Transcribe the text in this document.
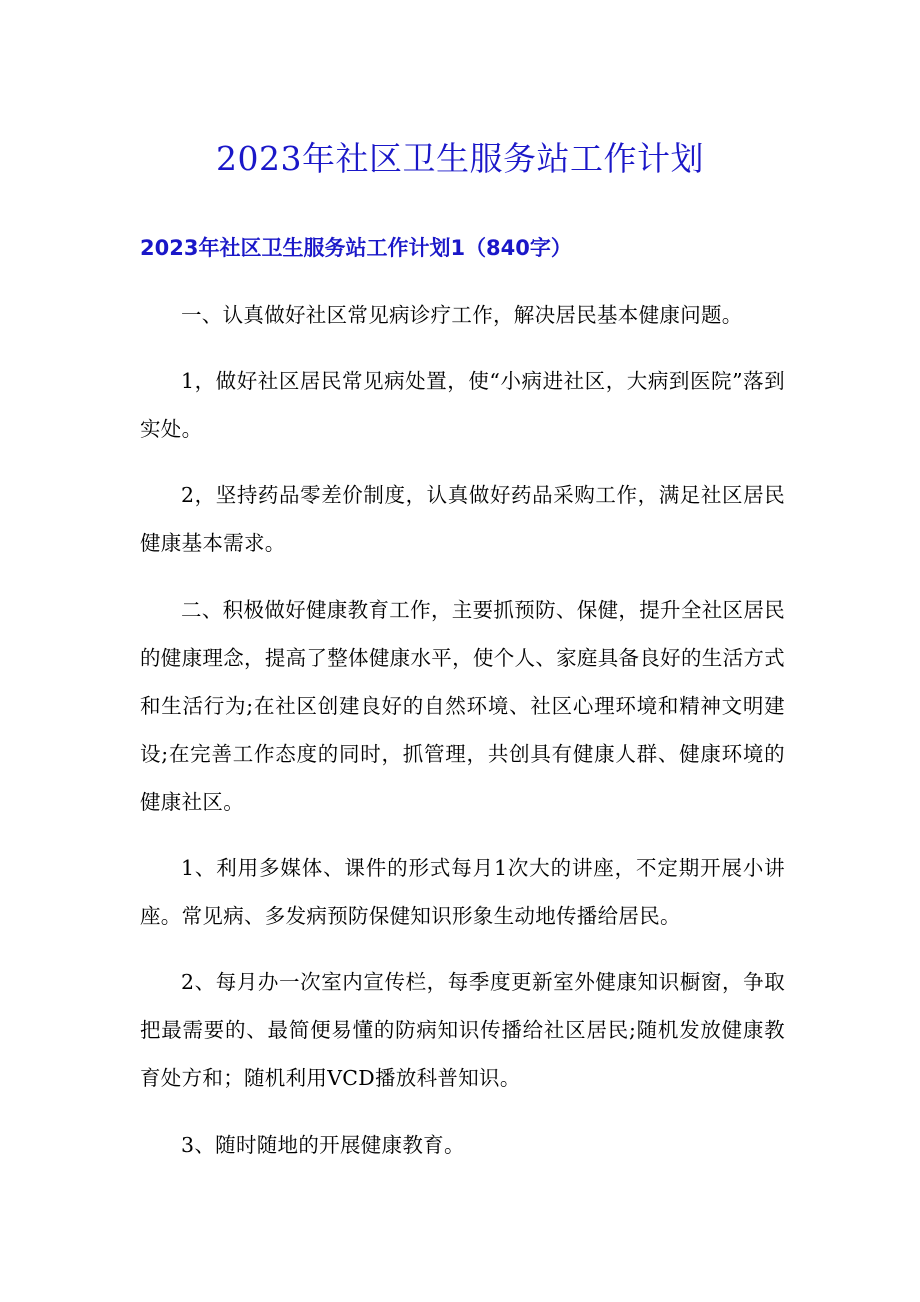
2023年社区卫生服务站工作计划
2023年社区卫生服务站工作计划1（840字）

一、认真做好社区常见病诊疗工作，解决居民基本健康问题。

1，做好社区居民常见病处置，使“小病进社区，大病到医院”落到实处。

2，坚持药品零差价制度，认真做好药品采购工作，满足社区居民健康基本需求。

二、积极做好健康教育工作，主要抓预防、保健，提升全社区居民的健康理念，提高了整体健康水平，使个人、家庭具备良好的生活方式和生活行为;在社区创建良好的自然环境、社区心理环境和精神文明建设;在完善工作态度的同时，抓管理，共创具有健康人群、健康环境的健康社区。

1、利用多媒体、课件的形式每月1次大的讲座，不定期开展小讲座。常见病、多发病预防保健知识形象生动地传播给居民。

2、每月办一次室内宣传栏，每季度更新室外健康知识橱窗，争取把最需要的、最简便易懂的防病知识传播给社区居民;随机发放健康教育处方和；随机利用VCD播放科普知识。

3、随时随地的开展健康教育。
